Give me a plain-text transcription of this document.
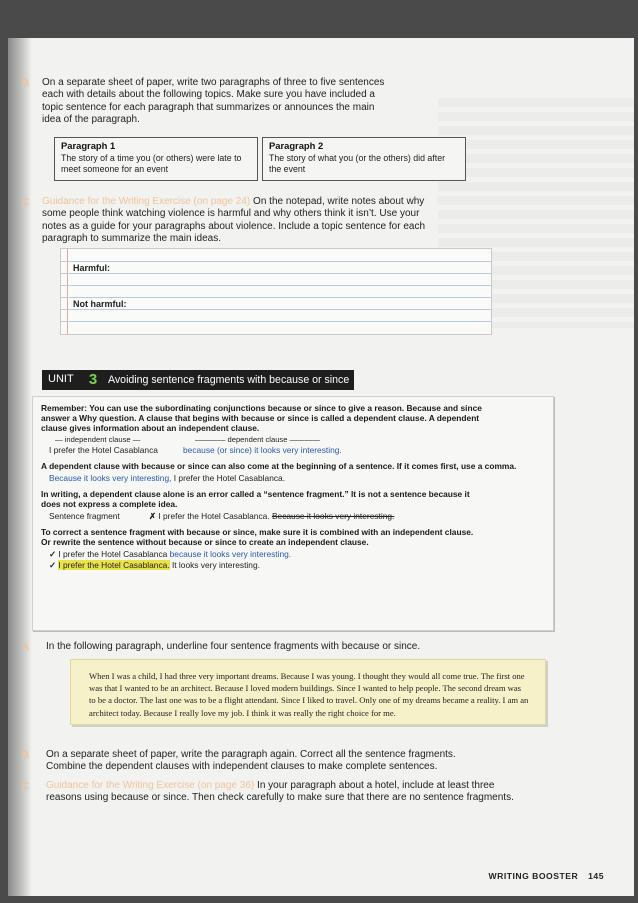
B On a separate sheet of paper, write two paragraphs of three to five sentences each with details about the following topics. Make sure you have included a topic sentence for each paragraph that summarizes or announces the main idea of the paragraph.
Paragraph 1
The story of a time you (or others) were late to meet someone for an event
Paragraph 2
The story of what you (or the others) did after the event
C Guidance for the Writing Exercise (on page 24) On the notepad, write notes about why some people think watching violence is harmful and why others think it isn’t. Use your notes as a guide for your paragraphs about violence. Include a topic sentence for each paragraph to summarize the main ideas.
Harmful:
Not harmful:
UNIT 3 Avoiding sentence fragments with because or since
Remember: You can use the subordinating conjunctions because or since to give a reason. Because and since
answer a Why question. A clause that begins with because or since is called a dependent clause. A dependent
clause gives information about an independent clause.
— independent clause —	———— dependent clause ————
I prefer the Hotel Casablanca	because (or since) it looks very interesting.
A dependent clause with because or since can also come at the beginning of a sentence. If it comes first, use a comma.
Because it looks very interesting, I prefer the Hotel Casablanca.
In writing, a dependent clause alone is an error called a “sentence fragment.” It is not a sentence because it
does not express a complete idea.
Sentence fragment	✗ I prefer the Hotel Casablanca. Because it looks very interesting.
To correct a sentence fragment with because or since, make sure it is combined with an independent clause.
Or rewrite the sentence without because or since to create an independent clause.
✓ I prefer the Hotel Casablanca because it looks very interesting.
✓ I prefer the Hotel Casablanca. It looks very interesting.
A In the following paragraph, underline four sentence fragments with because or since.
When I was a child, I had three very important dreams. Because I was young. I thought they would all come true. The first one was that I wanted to be an architect. Because I loved modern buildings. Since I wanted to help people. The second dream was to be a doctor. The last one was to be a flight attendant. Since I liked to travel. Only one of my dreams became a reality. I am an architect today. Because I really love my job. I think it was really the right choice for me.
B On a separate sheet of paper, write the paragraph again. Correct all the sentence fragments. Combine the dependent clauses with independent clauses to make complete sentences.
C Guidance for the Writing Exercise (on page 36) In your paragraph about a hotel, include at least three reasons using because or since. Then check carefully to make sure that there are no sentence fragments.
WRITING BOOSTER 145
